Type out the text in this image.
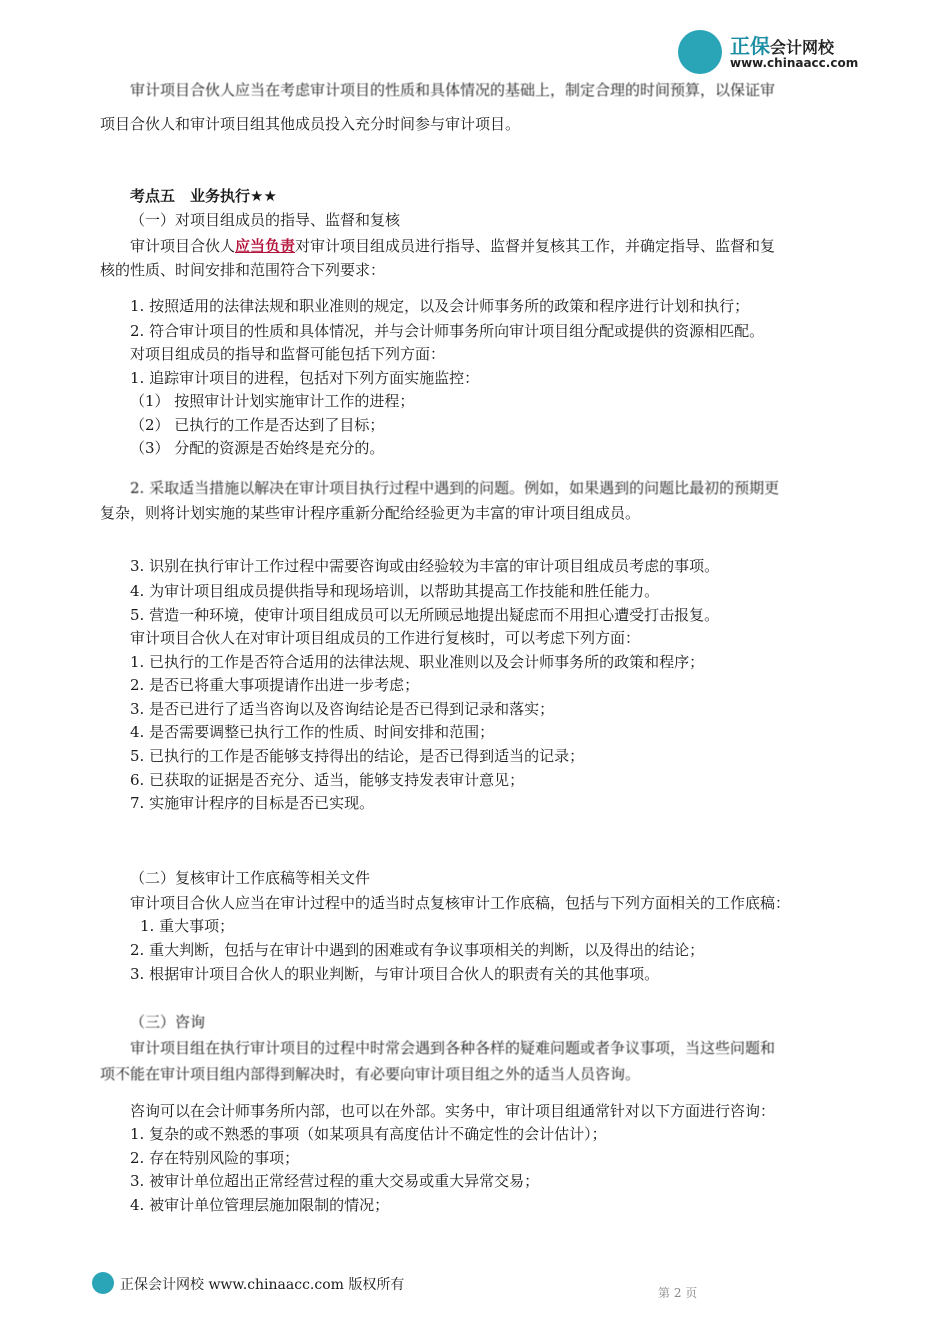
正保会计网校
www.chinaacc.com
审计项目合伙人应当在考虑审计项目的性质和具体情况的基础上，制定合理的时间预算，以保证审
项目合伙人和审计项目组其他成员投入充分时间参与审计项目。
考点五　业务执行★★
（一）对项目组成员的指导、监督和复核
审计项目合伙人应当负责对审计项目组成员进行指导、监督并复核其工作，并确定指导、监督和复
核的性质、时间安排和范围符合下列要求：
1. 按照适用的法律法规和职业准则的规定，以及会计师事务所的政策和程序进行计划和执行；
2. 符合审计项目的性质和具体情况，并与会计师事务所向审计项目组分配或提供的资源相匹配。
对项目组成员的指导和监督可能包括下列方面：
1. 追踪审计项目的进程，包括对下列方面实施监控：
（1） 按照审计计划实施审计工作的进程；
（2） 已执行的工作是否达到了目标；
（3） 分配的资源是否始终是充分的。
2. 采取适当措施以解决在审计项目执行过程中遇到的问题。例如，如果遇到的问题比最初的预期更
复杂，则将计划实施的某些审计程序重新分配给经验更为丰富的审计项目组成员。
3. 识别在执行审计工作过程中需要咨询或由经验较为丰富的审计项目组成员考虑的事项。
4. 为审计项目组成员提供指导和现场培训，以帮助其提高工作技能和胜任能力。
5. 营造一种环境，使审计项目组成员可以无所顾忌地提出疑虑而不用担心遭受打击报复。
审计项目合伙人在对审计项目组成员的工作进行复核时，可以考虑下列方面：
1. 已执行的工作是否符合适用的法律法规、职业准则以及会计师事务所的政策和程序；
2. 是否已将重大事项提请作出进一步考虑；
3. 是否已进行了适当咨询以及咨询结论是否已得到记录和落实；
4. 是否需要调整已执行工作的性质、时间安排和范围；
5. 已执行的工作是否能够支持得出的结论，是否已得到适当的记录；
6. 已获取的证据是否充分、适当，能够支持发表审计意见；
7. 实施审计程序的目标是否已实现。
（二）复核审计工作底稿等相关文件
审计项目合伙人应当在审计过程中的适当时点复核审计工作底稿，包括与下列方面相关的工作底稿：
1. 重大事项；
2. 重大判断，包括与在审计中遇到的困难或有争议事项相关的判断，以及得出的结论；
3. 根据审计项目合伙人的职业判断，与审计项目合伙人的职责有关的其他事项。
（三）咨询
审计项目组在执行审计项目的过程中时常会遇到各种各样的疑难问题或者争议事项，当这些问题和
项不能在审计项目组内部得到解决时，有必要向审计项目组之外的适当人员咨询。
咨询可以在会计师事务所内部，也可以在外部。实务中，审计项目组通常针对以下方面进行咨询：
1. 复杂的或不熟悉的事项（如某项具有高度估计不确定性的会计估计）；
2. 存在特别风险的事项；
3. 被审计单位超出正常经营过程的重大交易或重大异常交易；
4. 被审计单位管理层施加限制的情况；
正保会计网校 www.chinaacc.com 版权所有	第 2 页
